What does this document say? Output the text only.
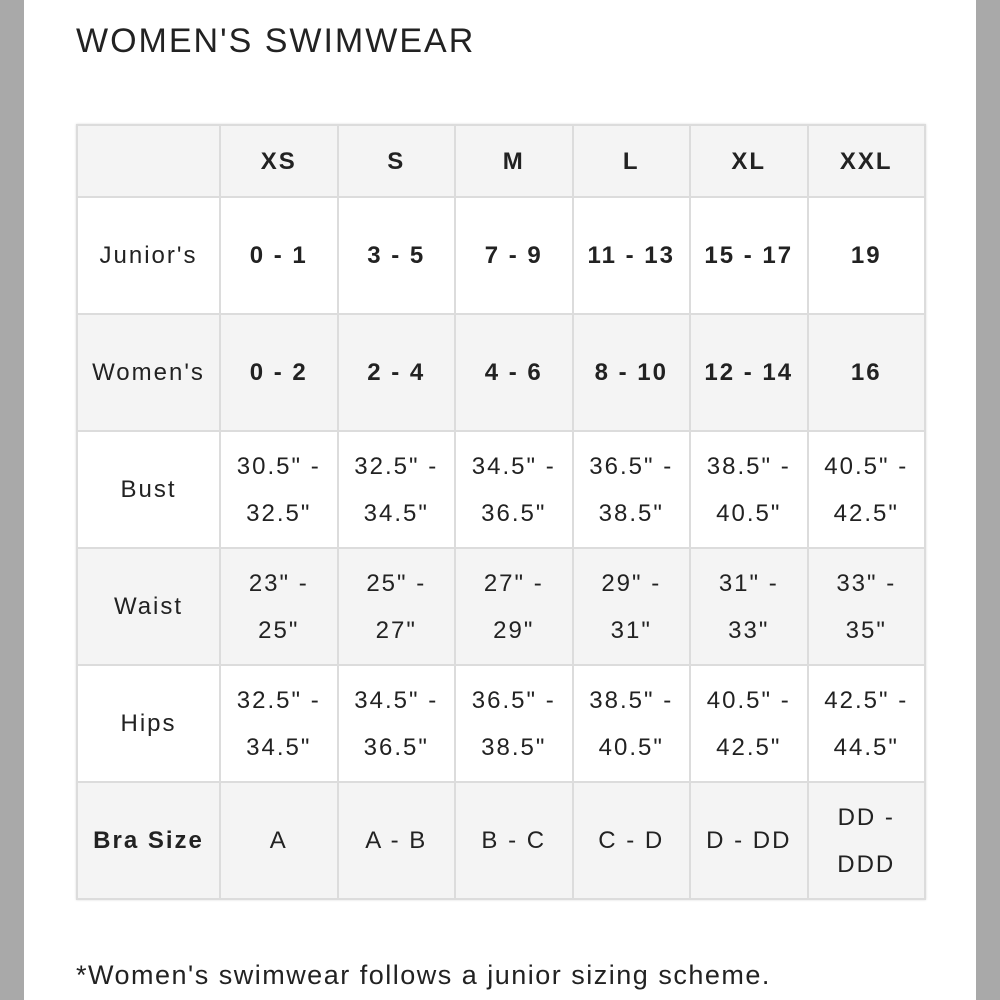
WOMEN'S SWIMWEAR
	XS	S	M	L	XL	XXL
Junior's	0 - 1	3 - 5	7 - 9	11 - 13	15 - 17	19
Women's	0 - 2	2 - 4	4 - 6	8 - 10	12 - 14	16
Bust	30.5" - 32.5"	32.5" - 34.5"	34.5" - 36.5"	36.5" - 38.5"	38.5" - 40.5"	40.5" - 42.5"
Waist	23" - 25"	25" - 27"	27" - 29"	29" - 31"	31" - 33"	33" - 35"
Hips	32.5" - 34.5"	34.5" - 36.5"	36.5" - 38.5"	38.5" - 40.5"	40.5" - 42.5"	42.5" - 44.5"
Bra Size	A	A - B	B - C	C - D	D - DD	DD - DDD

*Women's swimwear follows a junior sizing scheme.
